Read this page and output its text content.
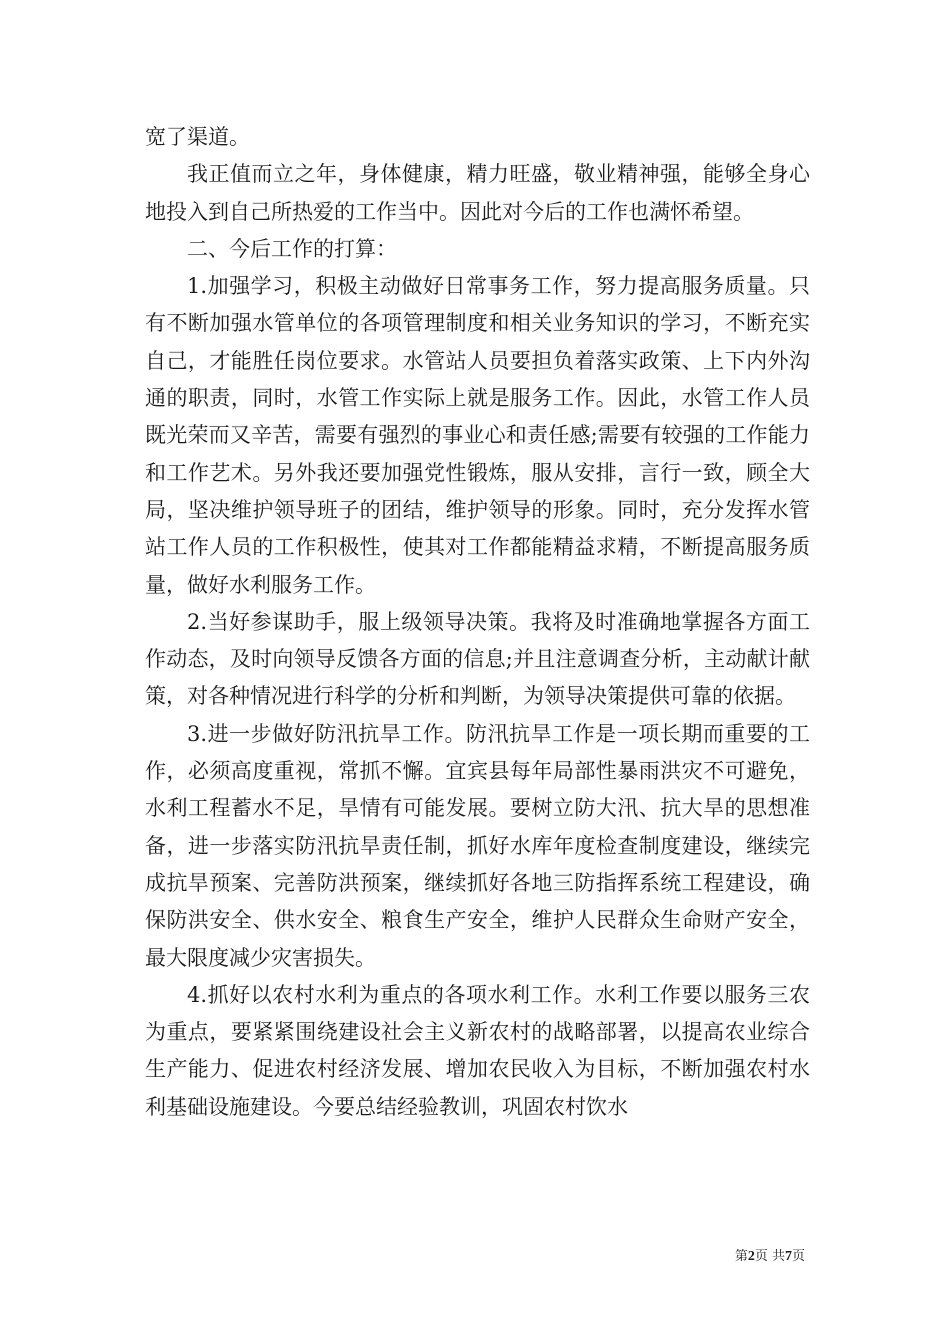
宽了渠道。

我正值而立之年，身体健康，精力旺盛，敬业精神强，能够全身心地投入到自己所热爱的工作当中。因此对今后的工作也满怀希望。

二、今后工作的打算：

1.加强学习，积极主动做好日常事务工作，努力提高服务质量。只有不断加强水管单位的各项管理制度和相关业务知识的学习，不断充实自己，才能胜任岗位要求。水管站人员要担负着落实政策、上下内外沟通的职责，同时，水管工作实际上就是服务工作。因此，水管工作人员既光荣而又辛苦，需要有强烈的事业心和责任感;需要有较强的工作能力和工作艺术。另外我还要加强党性锻炼，服从安排，言行一致，顾全大局，坚决维护领导班子的团结，维护领导的形象。同时，充分发挥水管站工作人员的工作积极性，使其对工作都能精益求精，不断提高服务质量，做好水利服务工作。

2.当好参谋助手，服上级领导决策。我将及时准确地掌握各方面工作动态，及时向领导反馈各方面的信息;并且注意调查分析，主动献计献策，对各种情况进行科学的分析和判断，为领导决策提供可靠的依据。

3.进一步做好防汛抗旱工作。防汛抗旱工作是一项长期而重要的工作，必须高度重视，常抓不懈。宜宾县每年局部性暴雨洪灾不可避免，水利工程蓄水不足，旱情有可能发展。要树立防大汛、抗大旱的思想准备，进一步落实防汛抗旱责任制，抓好水库年度检查制度建设，继续完成抗旱预案、完善防洪预案，继续抓好各地三防指挥系统工程建设，确保防洪安全、供水安全、粮食生产安全，维护人民群众生命财产安全，最大限度减少灾害损失。

4.抓好以农村水利为重点的各项水利工作。水利工作要以服务三农为重点，要紧紧围绕建设社会主义新农村的战略部署，以提高农业综合生产能力、促进农村经济发展、增加农民收入为目标，不断加强农村水利基础设施建设。今要总结经验教训，巩固农村饮水

第2页 共7页
